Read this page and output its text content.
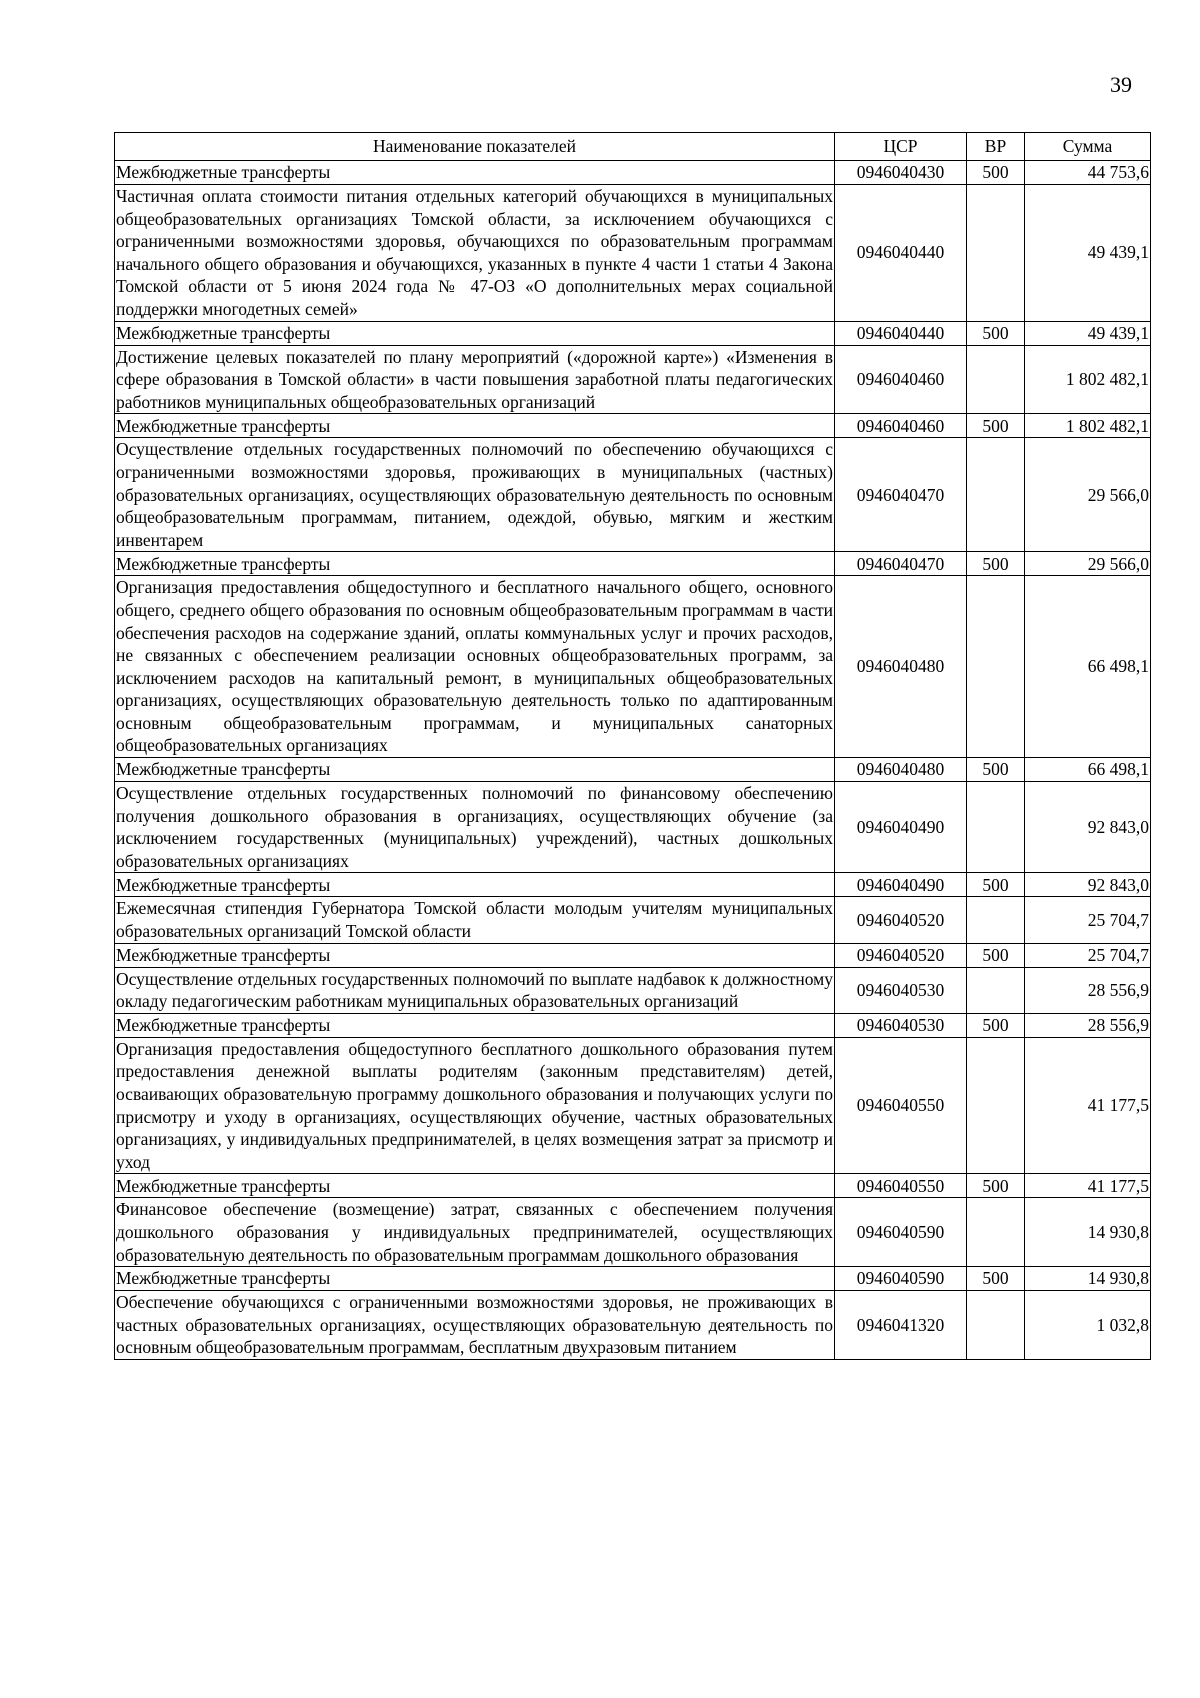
39
Наименование показателей	ЦСР	ВР	Сумма
Межбюджетные трансферты	0946040430	500	44 753,6
Частичная оплата стоимости питания отдельных категорий обучающихся в муниципальных общеобразовательных организациях Томской области, за исключением обучающихся с ограниченными возможностями здоровья, обучающихся по образовательным программам начального общего образования и обучающихся, указанных в пункте 4 части 1 статьи 4 Закона Томской области от 5 июня 2024 года № 47-ОЗ «О дополнительных мерах социальной поддержки многодетных семей»	0946040440		49 439,1
Межбюджетные трансферты	0946040440	500	49 439,1
Достижение целевых показателей по плану мероприятий («дорожной карте») «Изменения в сфере образования в Томской области» в части повышения заработной платы педагогических работников муниципальных общеобразовательных организаций	0946040460		1 802 482,1
Межбюджетные трансферты	0946040460	500	1 802 482,1
Осуществление отдельных государственных полномочий по обеспечению обучающихся с ограниченными возможностями здоровья, проживающих в муниципальных (частных) образовательных организациях, осуществляющих образовательную деятельность по основным общеобразовательным программам, питанием, одеждой, обувью, мягким и жестким инвентарем	0946040470		29 566,0
Межбюджетные трансферты	0946040470	500	29 566,0
Организация предоставления общедоступного и бесплатного начального общего, основного общего, среднего общего образования по основным общеобразовательным программам в части обеспечения расходов на содержание зданий, оплаты коммунальных услуг и прочих расходов, не связанных с обеспечением реализации основных общеобразовательных программ, за исключением расходов на капитальный ремонт, в муниципальных общеобразовательных организациях, осуществляющих образовательную деятельность только по адаптированным основным общеобразовательным программам, и муниципальных санаторных общеобразовательных организациях	0946040480		66 498,1
Межбюджетные трансферты	0946040480	500	66 498,1
Осуществление отдельных государственных полномочий по финансовому обеспечению получения дошкольного образования в организациях, осуществляющих обучение (за исключением государственных (муниципальных) учреждений), частных дошкольных образовательных организациях	0946040490		92 843,0
Межбюджетные трансферты	0946040490	500	92 843,0
Ежемесячная стипендия Губернатора Томской области молодым учителям муниципальных образовательных организаций Томской области	0946040520		25 704,7
Межбюджетные трансферты	0946040520	500	25 704,7
Осуществление отдельных государственных полномочий по выплате надбавок к должностному окладу педагогическим работникам муниципальных образовательных организаций	0946040530		28 556,9
Межбюджетные трансферты	0946040530	500	28 556,9
Организация предоставления общедоступного бесплатного дошкольного образования путем предоставления денежной выплаты родителям (законным представителям) детей, осваивающих образовательную программу дошкольного образования и получающих услуги по присмотру и уходу в организациях, осуществляющих обучение, частных образовательных организациях, у индивидуальных предпринимателей, в целях возмещения затрат за присмотр и уход	0946040550		41 177,5
Межбюджетные трансферты	0946040550	500	41 177,5
Финансовое обеспечение (возмещение) затрат, связанных с обеспечением получения дошкольного образования у индивидуальных предпринимателей, осуществляющих образовательную деятельность по образовательным программам дошкольного образования	0946040590		14 930,8
Межбюджетные трансферты	0946040590	500	14 930,8
Обеспечение обучающихся с ограниченными возможностями здоровья, не проживающих в частных образовательных организациях, осуществляющих образовательную деятельность по основным общеобразовательным программам, бесплатным двухразовым питанием	0946041320		1 032,8
